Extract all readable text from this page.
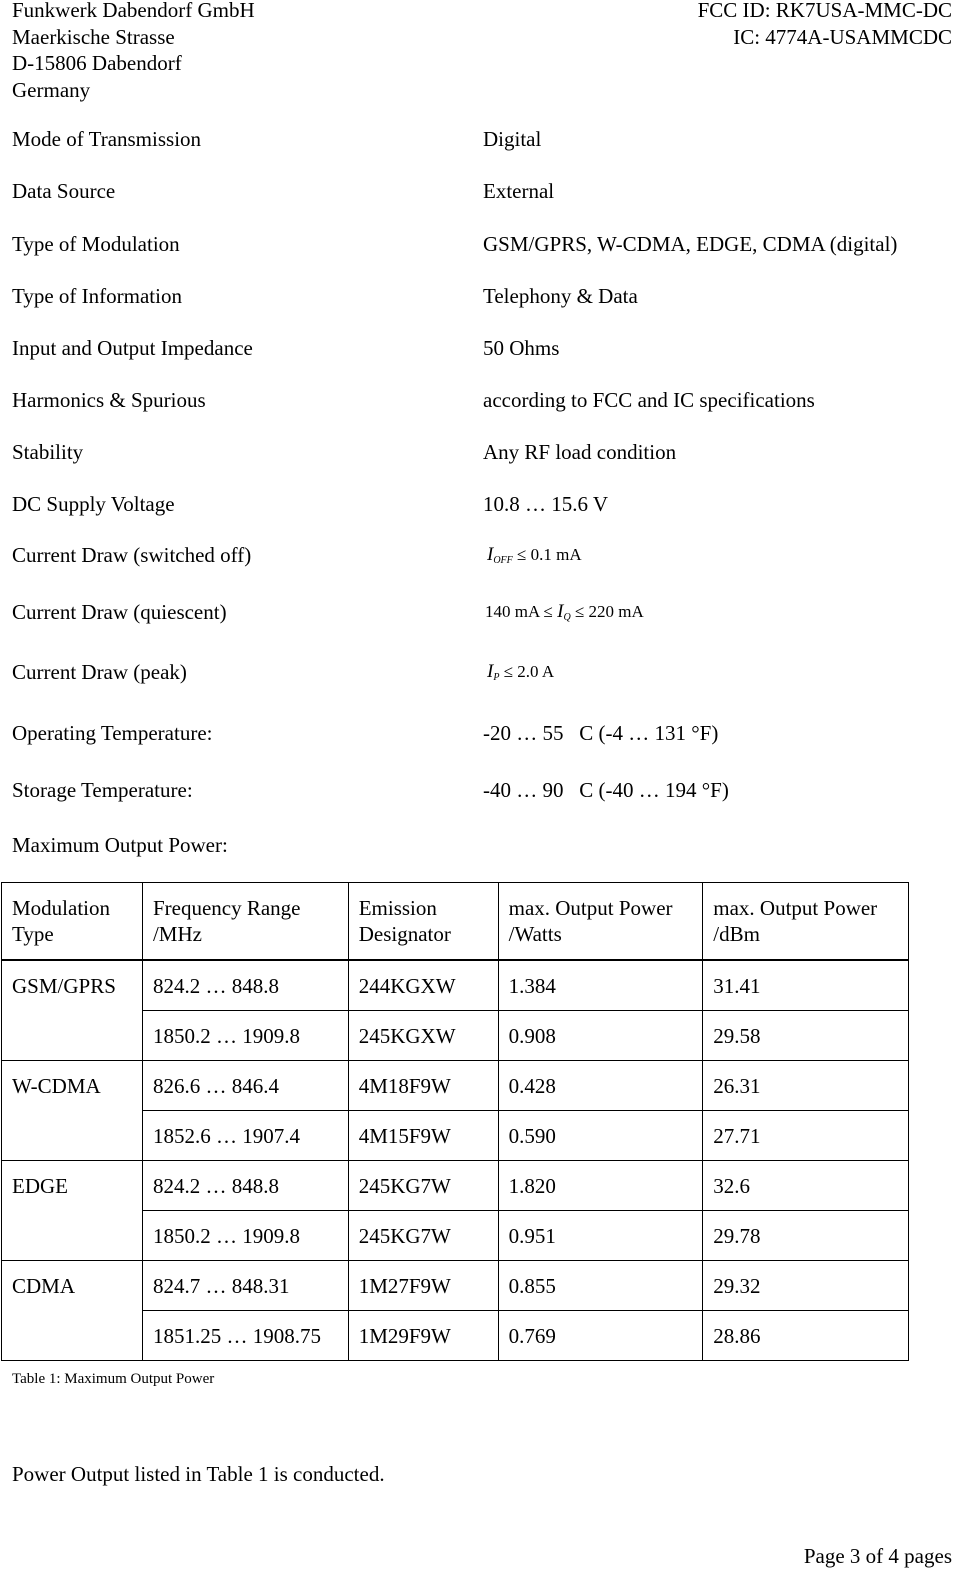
Funkwerk Dabendorf GmbH
Maerkische Strasse
D-15806 Dabendorf
Germany
FCC ID: RK7USA-MMC-DC
IC: 4774A-USAMMCDC
Mode of Transmission	Digital
Data Source	External
Type of Modulation	GSM/GPRS, W-CDMA, EDGE, CDMA (digital)
Type of Information	Telephony & Data
Input and Output Impedance	50 Ohms
Harmonics & Spurious	according to FCC and IC specifications
Stability	Any RF load condition
DC Supply Voltage	10.8 … 15.6 V
Current Draw (switched off)	$I_{OFF} \le 0.1$ mA
Current Draw (quiescent)	140 mA ≤ $I_Q \le 220$ mA
Current Draw (peak)	$I_P \le 2.0$ A
Operating Temperature:	-20 … 55   C (-4 … 131 °F)
Storage Temperature:	-40 … 90   C (-40 … 194 °F)
Maximum Output Power:
Modulation Type	Frequency Range /MHz	Emission Designator	max. Output Power /Watts	max. Output Power /dBm
GSM/GPRS	824.2 … 848.8	244KGXW	1.384	31.41
	1850.2 … 1909.8	245KGXW	0.908	29.58
W-CDMA	826.6 … 846.4	4M18F9W	0.428	26.31
	1852.6 … 1907.4	4M15F9W	0.590	27.71
EDGE	824.2 … 848.8	245KG7W	1.820	32.6
	1850.2 … 1909.8	245KG7W	0.951	29.78
CDMA	824.7 … 848.31	1M27F9W	0.855	29.32
	1851.25 … 1908.75	1M29F9W	0.769	28.86
Table 1: Maximum Output Power
Power Output listed in Table 1 is conducted.
Page 3 of 4 pages
